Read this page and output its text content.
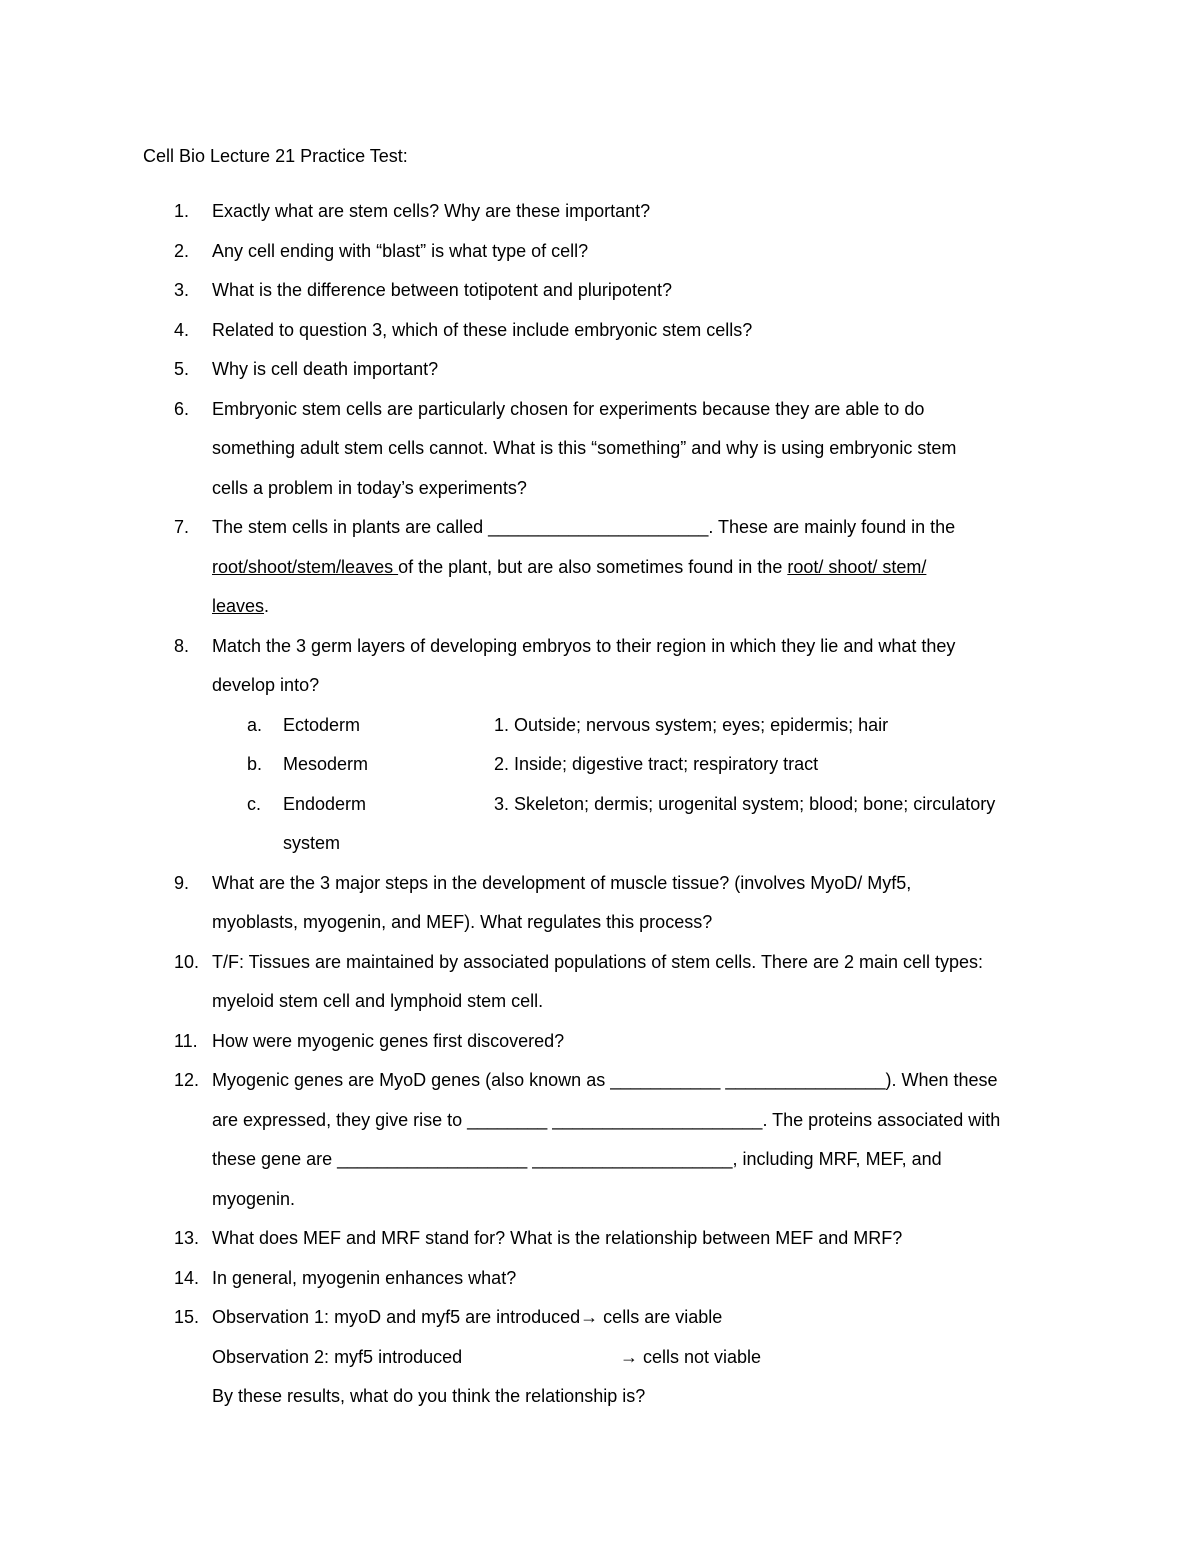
Cell Bio Lecture 21 Practice Test:
1. Exactly what are stem cells? Why are these important?
2. Any cell ending with “blast” is what type of cell?
3. What is the difference between totipotent and pluripotent?
4. Related to question 3, which of these include embryonic stem cells?
5. Why is cell death important?
6. Embryonic stem cells are particularly chosen for experiments because they are able to do
something adult stem cells cannot. What is this “something” and why is using embryonic stem
cells a problem in today’s experiments?
7. The stem cells in plants are called ______________________. These are mainly found in the
root/shoot/stem/leaves of the plant, but are also sometimes found in the root/ shoot/ stem/
leaves.
8. Match the 3 germ layers of developing embryos to their region in which they lie and what they
develop into?
a. Ectoderm	1. Outside; nervous system; eyes; epidermis; hair
b. Mesoderm	2. Inside; digestive tract; respiratory tract
c. Endoderm	3. Skeleton; dermis; urogenital system; blood; bone; circulatory
system
9. What are the 3 major steps in the development of muscle tissue? (involves MyoD/ Myf5,
myoblasts, myogenin, and MEF). What regulates this process?
10. T/F: Tissues are maintained by associated populations of stem cells. There are 2 main cell types:
myeloid stem cell and lymphoid stem cell.
11. How were myogenic genes first discovered?
12. Myogenic genes are MyoD genes (also known as ___________ ________________). When these
are expressed, they give rise to ________ _____________________. The proteins associated with
these gene are ___________________ ____________________, including MRF, MEF, and
myogenin.
13. What does MEF and MRF stand for? What is the relationship between MEF and MRF?
14. In general, myogenin enhances what?
15. Observation 1: myoD and myf5 are introduced→ cells are viable
Observation 2: myf5 introduced	→ cells not viable
By these results, what do you think the relationship is?
